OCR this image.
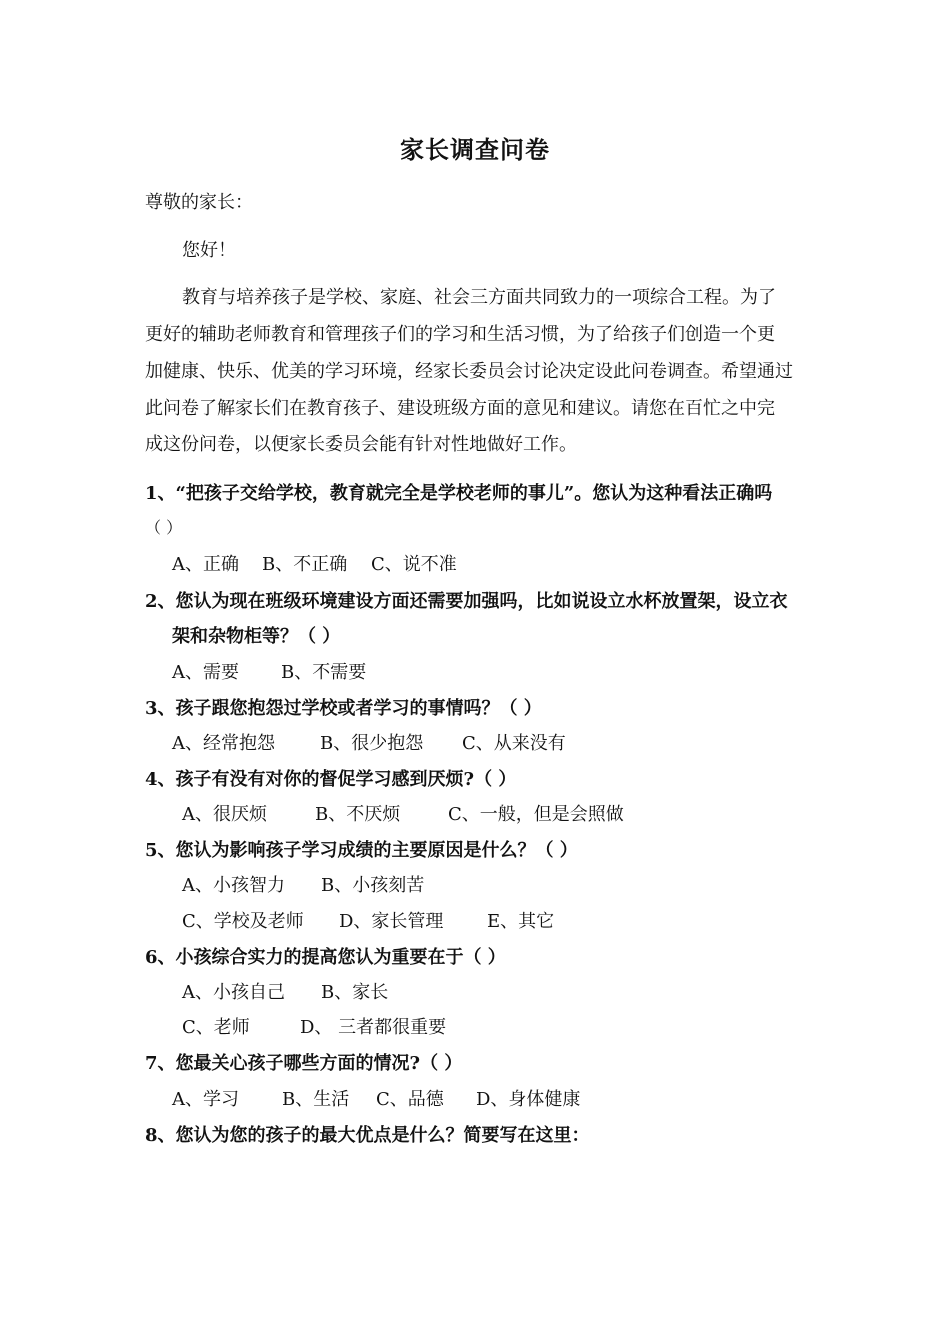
家长调查问卷
尊敬的家长：
您好！
教育与培养孩子是学校、家庭、社会三方面共同致力的一项综合工程。为了
更好的辅助老师教育和管理孩子们的学习和生活习惯，为了给孩子们创造一个更
加健康、快乐、优美的学习环境，经家长委员会讨论决定设此问卷调查。希望通过
此问卷了解家长们在教育孩子、建设班级方面的意见和建议。请您在百忙之中完
成这份问卷，以便家长委员会能有针对性地做好工作。
1、“把孩子交给学校，教育就完全是学校老师的事儿”。您认为这种看法正确吗
（ ）
A、正确 B、不正确 C、说不准
2、您认为现在班级环境建设方面还需要加强吗，比如说设立水杯放置架，设立衣
架和杂物柜等？（ ）
A、需要 B、不需要
3、孩子跟您抱怨过学校或者学习的事情吗？（ ）
A、经常抱怨	B、很少抱怨 C、从来没有
4、孩子有没有对你的督促学习感到厌烦?（ ）
A、很厌烦	B、不厌烦	C、一般，但是会照做
5、您认为影响孩子学习成绩的主要原因是什么？（ ）
A、小孩智力 B、小孩刻苦
C、学校及老师 D、家长管理 E、其它
6、小孩综合实力的提高您认为重要在于（ ）
A、小孩自己 B、家长
C、老师	D、 三者都很重要
7、您最关心孩子哪些方面的情况?（ ）
A、学习 B、生活 C、品德 D、身体健康
8、您认为您的孩子的最大优点是什么？简要写在这里：
